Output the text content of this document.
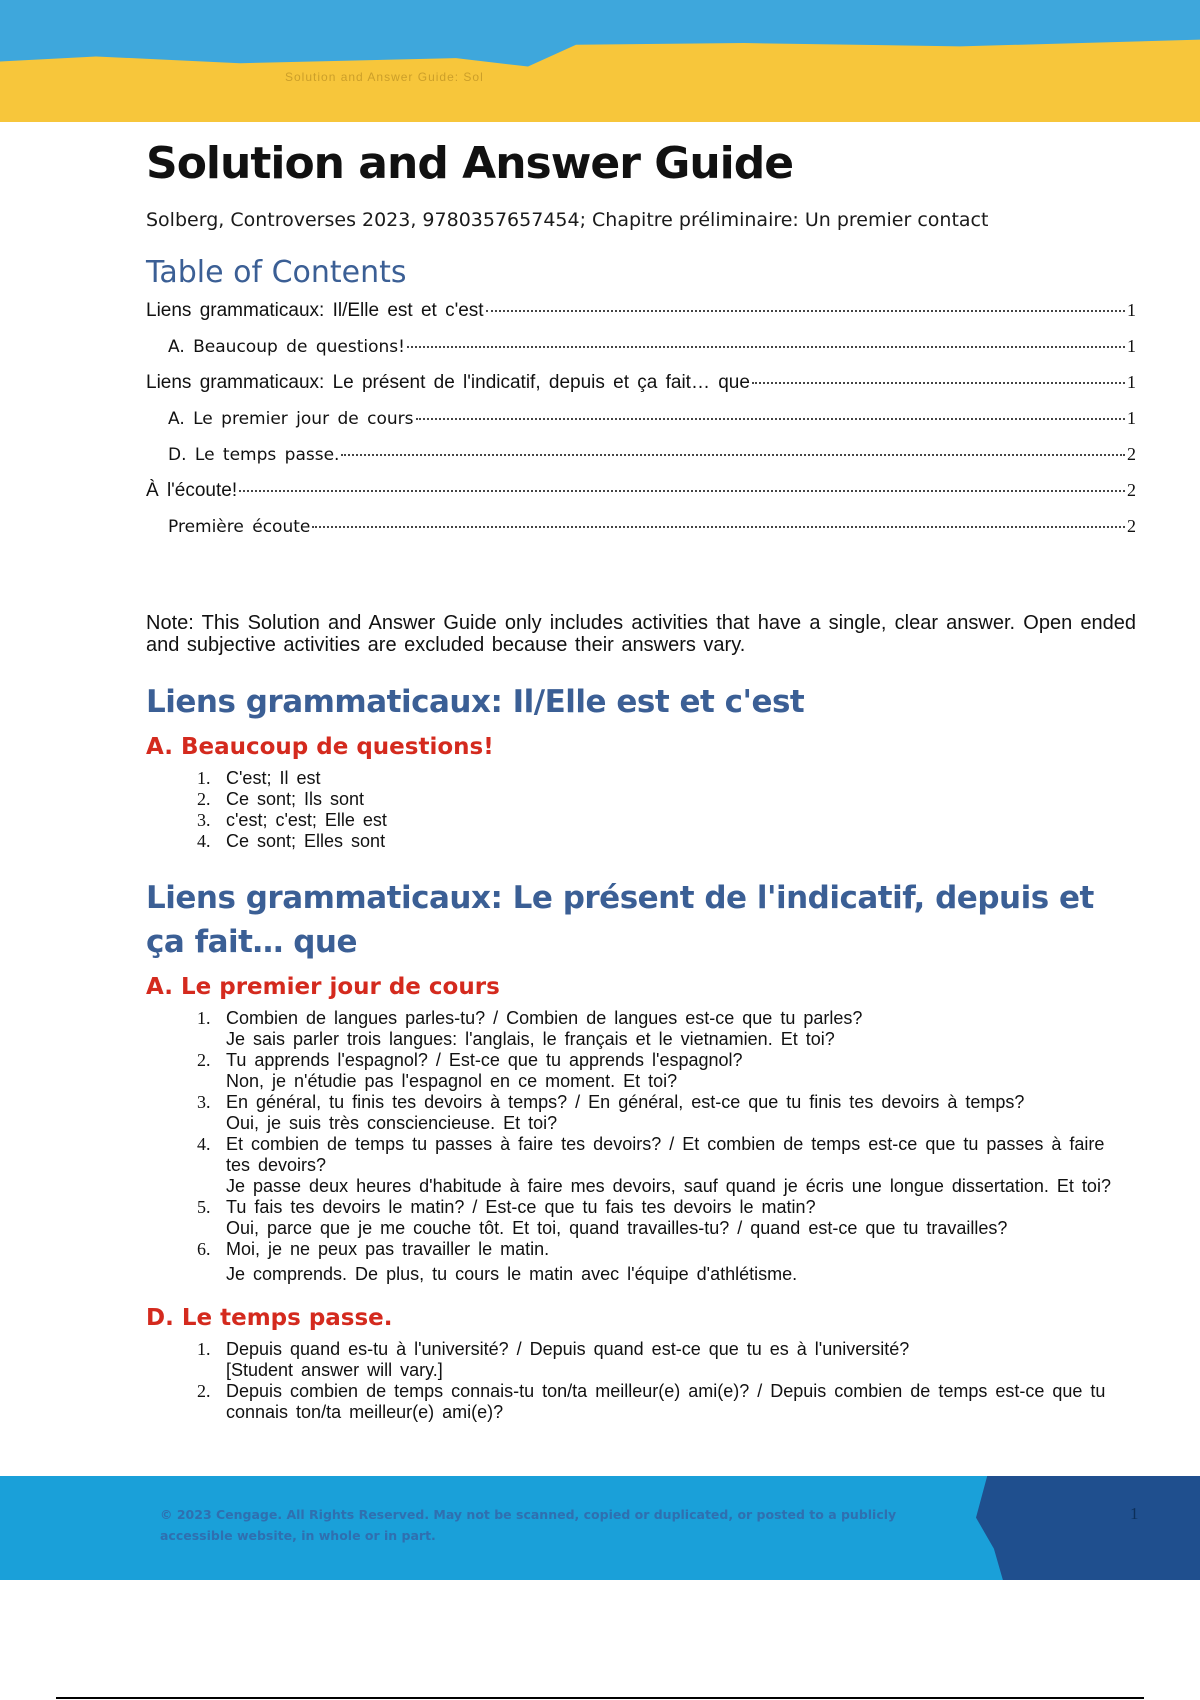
Solution and Answer Guide: Sol
Solution and Answer Guide

Solberg, Controverses 2023, 9780357657454; Chapitre préliminaire: Un premier contact

Table of Contents
Liens grammaticaux: Il/Elle est et c'est	1
A. Beaucoup de questions!	1
Liens grammaticaux: Le présent de l'indicatif, depuis et ça fait… que	1
A. Le premier jour de cours	1
D. Le temps passe.	2
À l'écoute!	2
Première écoute	2

Note: This Solution and Answer Guide only includes activities that have a single, clear answer. Open ended and subjective activities are excluded because their answers vary.

Liens grammaticaux: Il/Elle est et c'est
A. Beaucoup de questions!
1. C'est; Il est
2. Ce sont; Ils sont
3. c'est; c'est; Elle est
4. Ce sont; Elles sont
Liens grammaticaux: Le présent de l'indicatif, depuis et ça fait… que
A. Le premier jour de cours
1. Combien de langues parles-tu? / Combien de langues est-ce que tu parles?
Je sais parler trois langues: l'anglais, le français et le vietnamien. Et toi?
2. Tu apprends l'espagnol? / Est-ce que tu apprends l'espagnol?
Non, je n'étudie pas l'espagnol en ce moment. Et toi?
3. En général, tu finis tes devoirs à temps? / En général, est-ce que tu finis tes devoirs à temps?
Oui, je suis très consciencieuse. Et toi?
4. Et combien de temps tu passes à faire tes devoirs? / Et combien de temps est-ce que tu passes à faire tes devoirs?
Je passe deux heures d'habitude à faire mes devoirs, sauf quand je écris une longue dissertation. Et toi?
5. Tu fais tes devoirs le matin? / Est-ce que tu fais tes devoirs le matin?
Oui, parce que je me couche tôt. Et toi, quand travailles-tu? / quand est-ce que tu travailles?
6. Moi, je ne peux pas travailler le matin.
Je comprends. De plus, tu cours le matin avec l'équipe d'athlétisme.
D. Le temps passe.
1. Depuis quand es-tu à l'université? / Depuis quand est-ce que tu es à l'université?
[Student answer will vary.]
2. Depuis combien de temps connais-tu ton/ta meilleur(e) ami(e)? / Depuis combien de temps est-ce que tu connais ton/ta meilleur(e) ami(e)?
© 2023 Cengage. All Rights Reserved. May not be scanned, copied or duplicated, or posted to a publicly accessible website, in whole or in part.
1
